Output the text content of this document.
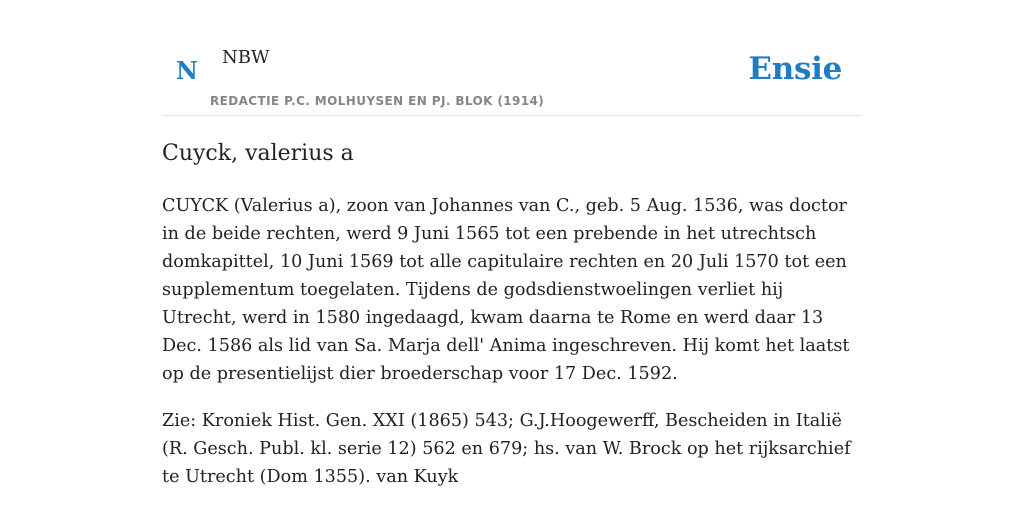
N NBW	Ensie
REDACTIE P.C. MOLHUYSEN EN PJ. BLOK (1914)
Cuyck, valerius a

CUYCK (Valerius a), zoon van Johannes van C., geb. 5 Aug. 1536, was doctor in de beide rechten, werd 9 Juni 1565 tot een prebende in het utrechtsch domkapittel, 10 Juni 1569 tot alle capitulaire rechten en 20 Juli 1570 tot een supplementum toegelaten. Tijdens de godsdienstwoelingen verliet hij Utrecht, werd in 1580 ingedaagd, kwam daarna te Rome en werd daar 13 Dec. 1586 als lid van Sa. Marja dell' Anima ingeschreven. Hij komt het laatst op de presentielijst dier broederschap voor 17 Dec. 1592.

Zie: Kroniek Hist. Gen. XXI (1865) 543; G.J.Hoogewerff, Bescheiden in Italië (R. Gesch. Publ. kl. serie 12) 562 en 679; hs. van W. Brock op het rijksarchief te Utrecht (Dom 1355). van Kuyk
